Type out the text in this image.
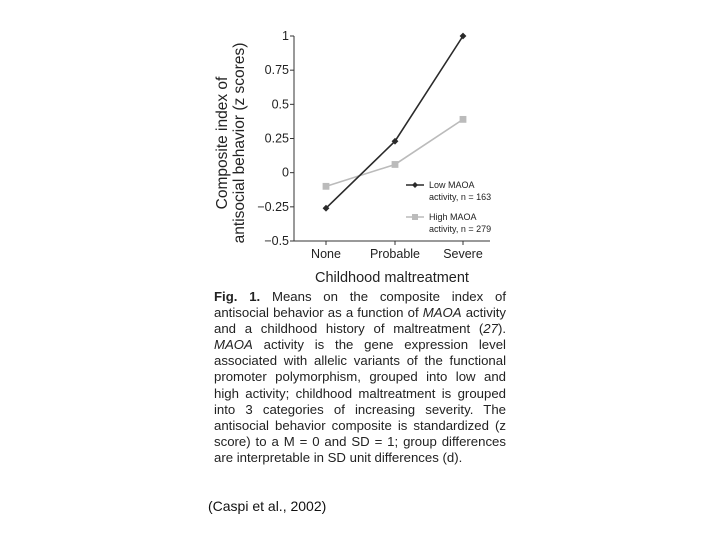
1
0.75
0.5
0.25
0
−0.25
−0.5
None Probable Severe
Low MAOA
activity, n = 163
High MAOA
activity, n = 279
Composite index of antisocial behavior (z scores)
Childhood maltreatment
Fig. 1. Means on the composite index of antisocial behavior as a function of MAOA activity and a childhood history of maltreatment (27). MAOA activity is the gene expression level associated with allelic variants of the functional promoter polymorphism, grouped into low and high activity; childhood maltreatment is grouped into 3 categories of increasing severity. The antisocial behavior composite is standardized (z score) to a M = 0 and SD = 1; group differences are interpretable in SD unit differences (d).
(Caspi et al., 2002)
